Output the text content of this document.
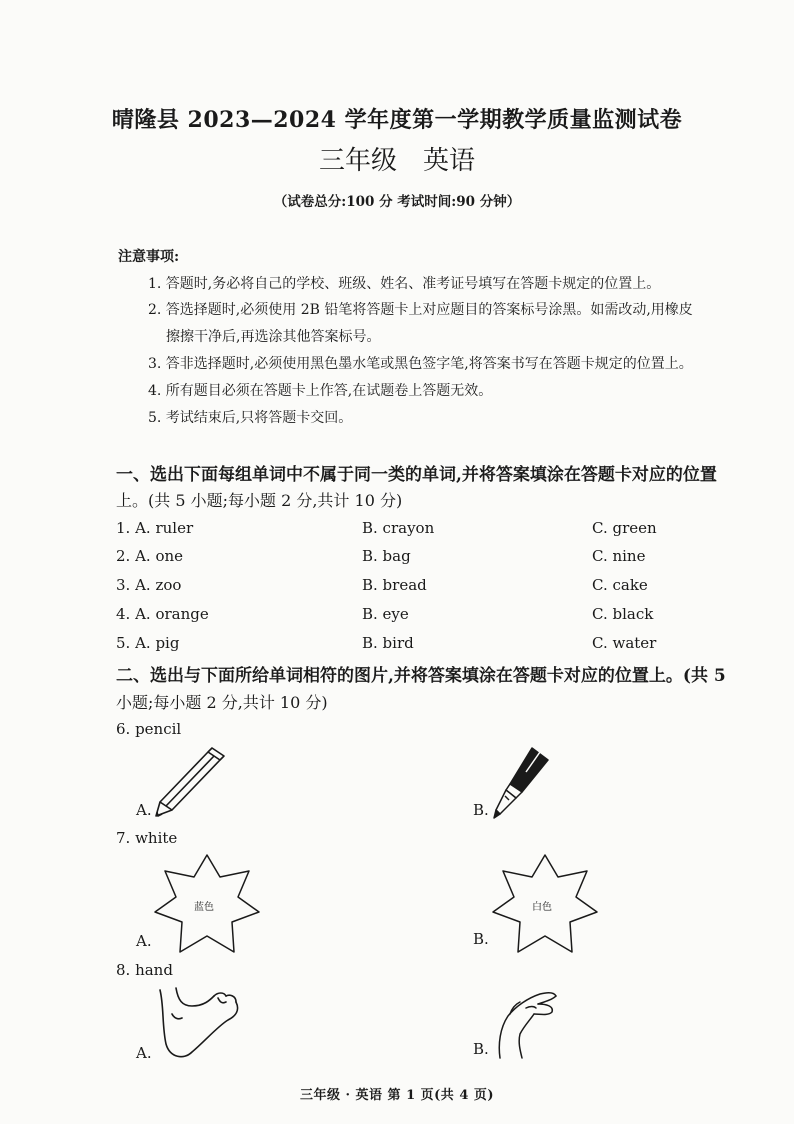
晴隆县 2023—2024 学年度第一学期教学质量监测试卷
三年级 英语
（试卷总分:100 分 考试时间:90 分钟）
注意事项:
1. 答题时,务必将自己的学校、班级、姓名、准考证号填写在答题卡规定的位置上。
2. 答选择题时,必须使用 2B 铅笔将答题卡上对应题目的答案标号涂黑。如需改动,用橡皮
擦擦干净后,再选涂其他答案标号。
3. 答非选择题时,必须使用黑色墨水笔或黑色签字笔,将答案书写在答题卡规定的位置上。
4. 所有题目必须在答题卡上作答,在试题卷上答题无效。
5. 考试结束后,只将答题卡交回。
一、选出下面每组单词中不属于同一类的单词,并将答案填涂在答题卡对应的位置
上。(共 5 小题;每小题 2 分,共计 10 分)
1. A. ruler	B. crayon	C. green
2. A. one	B. bag	C. nine
3. A. zoo	B. bread	C. cake
4. A. orange	B. eye	C. black
5. A. pig	B. bird	C. water
二、选出与下面所给单词相符的图片,并将答案填涂在答题卡对应的位置上。(共 5
小题;每小题 2 分,共计 10 分)
6. pencil
A.	B.
7. white
A.
蓝色
B.
白色
8. hand
A.	B.
三年级 · 英语 第 1 页(共 4 页)
